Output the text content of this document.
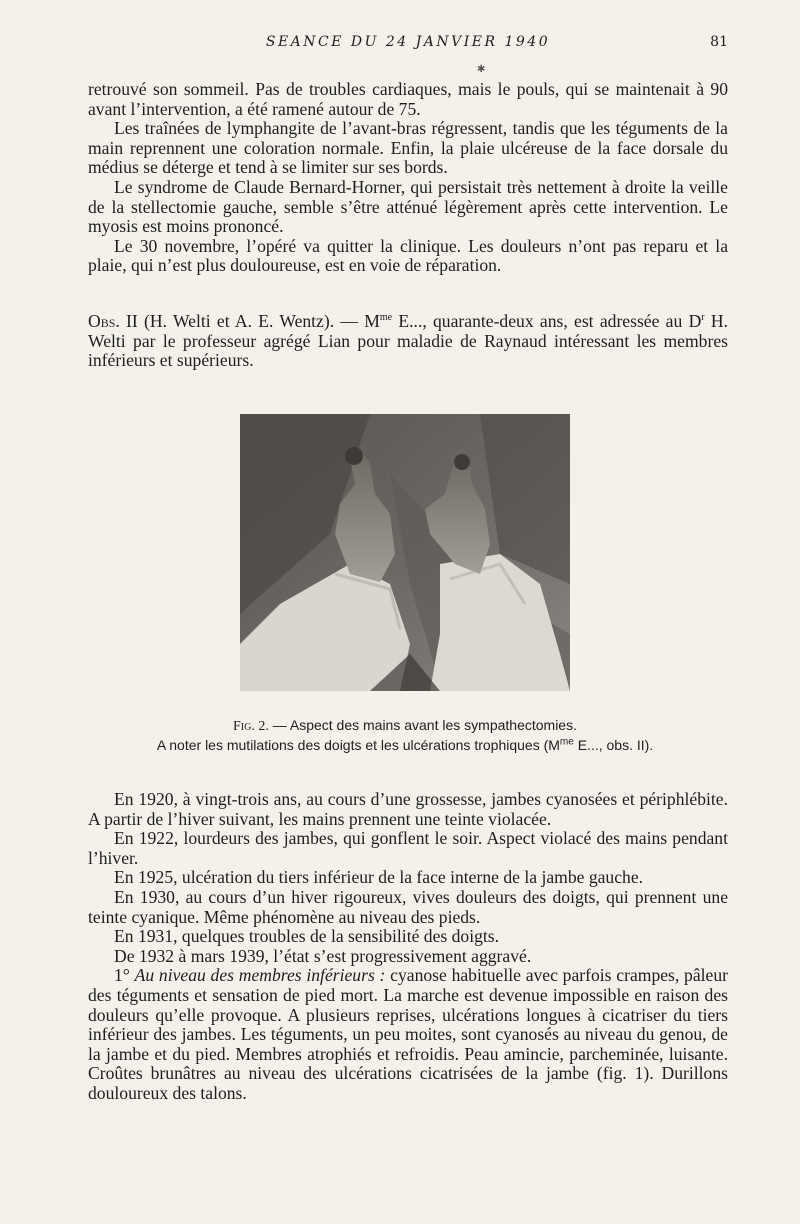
SEANCE DU 24 JANVIER 1940	81
✱

retrouvé son sommeil. Pas de troubles cardiaques, mais le pouls, qui se maintenait à 90 avant l’intervention, a été ramené autour de 75.

Les traînées de lymphangite de l’avant-bras régressent, tandis que les téguments de la main reprennent une coloration normale. Enfin, la plaie ulcéreuse de la face dorsale du médius se déterge et tend à se limiter sur ses bords.

Le syndrome de Claude Bernard-Horner, qui persistait très nettement à droite la veille de la stellectomie gauche, semble s’être atténué légèrement après cette intervention. Le myosis est moins prononcé.

Le 30 novembre, l’opéré va quitter la clinique. Les douleurs n’ont pas reparu et la plaie, qui n’est plus douloureuse, est en voie de réparation.

Obs. II (H. Welti et A. E. Wentz). — $M^{me}$ E..., quarante-deux ans, est adressée au $D^r$ H. Welti par le professeur agrégé Lian pour maladie de Raynaud intéressant les membres inférieurs et supérieurs.

Fig. 2. — Aspect des mains avant les sympathectomies.
A noter les mutilations des doigts et les ulcérations trophiques ($M^{me}$ E..., obs. II).

En 1920, à vingt-trois ans, au cours d’une grossesse, jambes cyanosées et périphlébite. A partir de l’hiver suivant, les mains prennent une teinte violacée.

En 1922, lourdeurs des jambes, qui gonflent le soir. Aspect violacé des mains pendant l’hiver.

En 1925, ulcération du tiers inférieur de la face interne de la jambe gauche.

En 1930, au cours d’un hiver rigoureux, vives douleurs des doigts, qui prennent une teinte cyanique. Même phénomène au niveau des pieds.

En 1931, quelques troubles de la sensibilité des doigts.

De 1932 à mars 1939, l’état s’est progressivement aggravé.

1° Au niveau des membres inférieurs : cyanose habituelle avec parfois crampes, pâleur des téguments et sensation de pied mort. La marche est devenue impossible en raison des douleurs qu’elle provoque. A plusieurs reprises, ulcérations longues à cicatriser du tiers inférieur des jambes. Les téguments, un peu moites, sont cyanosés au niveau du genou, de la jambe et du pied. Membres atrophiés et refroidis. Peau amincie, parcheminée, luisante. Croûtes brunâtres au niveau des ulcérations cicatrisées de la jambe (fig. 1). Durillons douloureux des talons.
